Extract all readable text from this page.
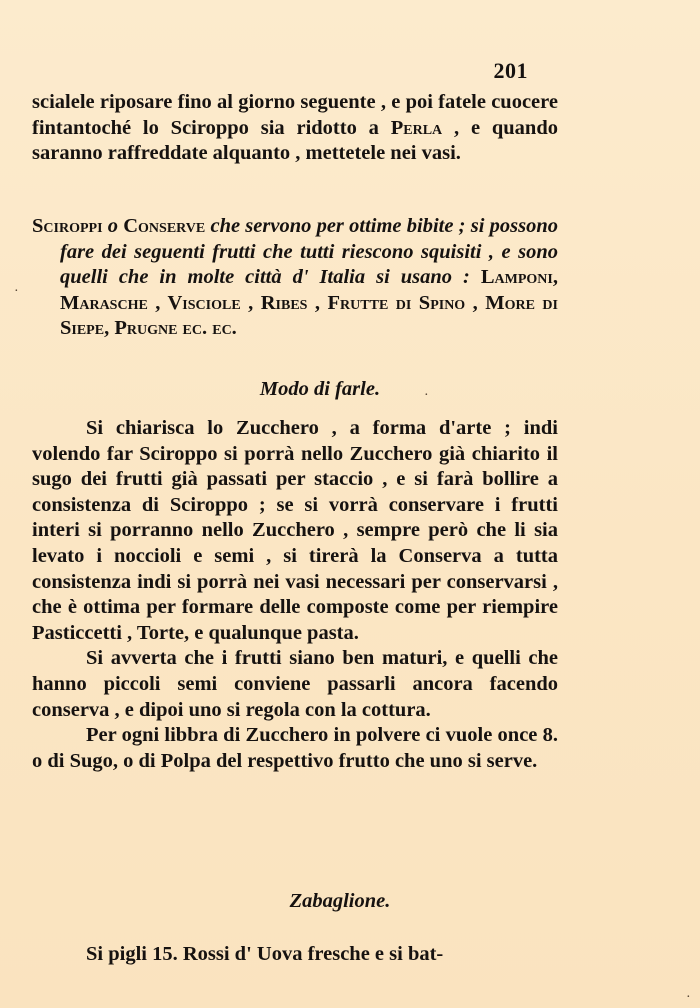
201

scialele riposare fino al giorno seguente , e poi fatele cuocere fintantoché lo Sciroppo sia ridotto a Perla , e quando saranno raffreddate alquanto , mettetele nei vasi.

Sciroppi o Conserve che servono per ottime bibite ; si possono fare dei seguenti frutti che tutti riescono squisiti , e sono quelli che in molte città d' Italia si usano : Lamponi, Marasche , Visciole , Ribes , Frutte di Spino , More di Siepe, Prugne ec. ec.

Modo di farle.

Si chiarisca lo Zucchero , a forma d'arte ; indi volendo far Sciroppo si porrà nello Zucchero già chiarito il sugo dei frutti già passati per staccio , e si farà bollire a consistenza di Sciroppo ; se si vorrà conservare i frutti interi si porranno nello Zucchero , sempre però che li sia levato i noccioli e semi , si tirerà la Conserva a tutta consistenza indi si porrà nei vasi necessari per conservarsi , che è ottima per formare delle composte come per riempire Pasticcetti , Torte, e qualunque pasta.

Si avverta che i frutti siano ben maturi, e quelli che hanno piccoli semi conviene passarli ancora facendo conserva , e dipoi uno si regola con la cottura.

Per ogni libbra di Zucchero in polvere ci vuole once 8. o di Sugo, o di Polpa del respettivo frutto che uno si serve.

Zabaglione.

Si pigli 15. Rossi d' Uova fresche e si bat-

·
·
·
